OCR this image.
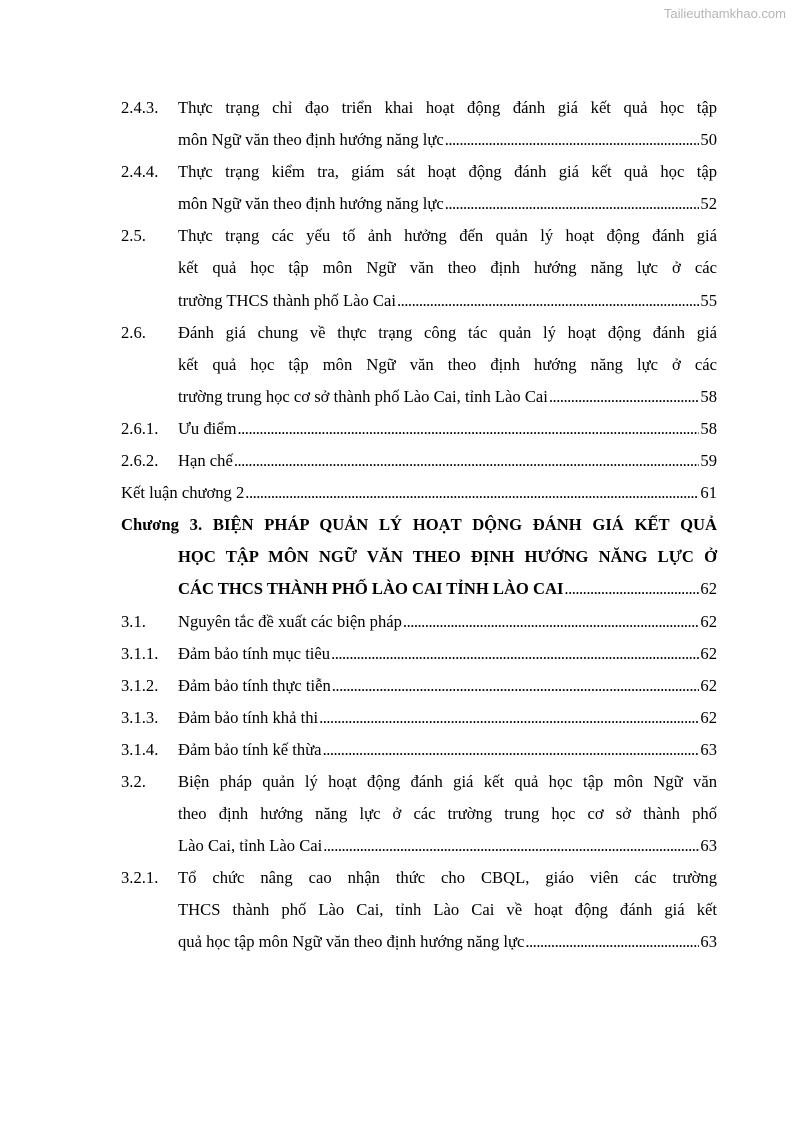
Tailieuthamkhao.com
2.4.3. Thực trạng chỉ đạo triển khai hoạt động đánh giá kết quả học tập
môn Ngữ văn theo định hướng năng lực .....	50
2.4.4. Thực trạng kiểm tra, giám sát hoạt động đánh giá kết quả học tập
môn Ngữ văn theo định hướng năng lực .....	52
2.5. Thực trạng các yếu tố ảnh hưởng đến quản lý hoạt động đánh giá
kết quả học tập môn Ngữ văn theo định hướng năng lực ở các
trường THCS thành phố Lào Cai .....	55
2.6. Đánh giá chung về thực trạng công tác quản lý hoạt động đánh giá
kết quả học tập môn Ngữ văn theo định hướng năng lực ở các
trường trung học cơ sở thành phố Lào Cai, tỉnh Lào Cai .....	58
2.6.1. Ưu điểm .....	58
2.6.2. Hạn chế .....	59
Kết luận chương 2 .....	61
Chương 3. BIỆN PHÁP QUẢN LÝ HOẠT DỘNG ĐÁNH GIÁ KẾT QUẢ
HỌC TẬP MÔN NGỮ VĂN THEO ĐỊNH HƯỚNG NĂNG LỰC Ở
CÁC THCS THÀNH PHỐ LÀO CAI TỈNH LÀO CAI .....	62
3.1. Nguyên tắc đề xuất các biện pháp .....	62
3.1.1. Đảm bảo tính mục tiêu .....	62
3.1.2. Đảm bảo tính thực tiễn .....	62
3.1.3. Đảm bảo tính khả thi .....	62
3.1.4. Đảm bảo tính kế thừa .....	63
3.2. Biện pháp quản lý hoạt động đánh giá kết quả học tập môn Ngữ văn
theo định hướng năng lực ở các trường trung học cơ sở thành phố
Lào Cai, tỉnh Lào Cai .....	63
3.2.1. Tổ chức nâng cao nhận thức cho CBQL, giáo viên các trường
THCS thành phố Lào Cai, tỉnh Lào Cai về hoạt động đánh giá kết
quả học tập môn Ngữ văn theo định hướng năng lực .....	63
